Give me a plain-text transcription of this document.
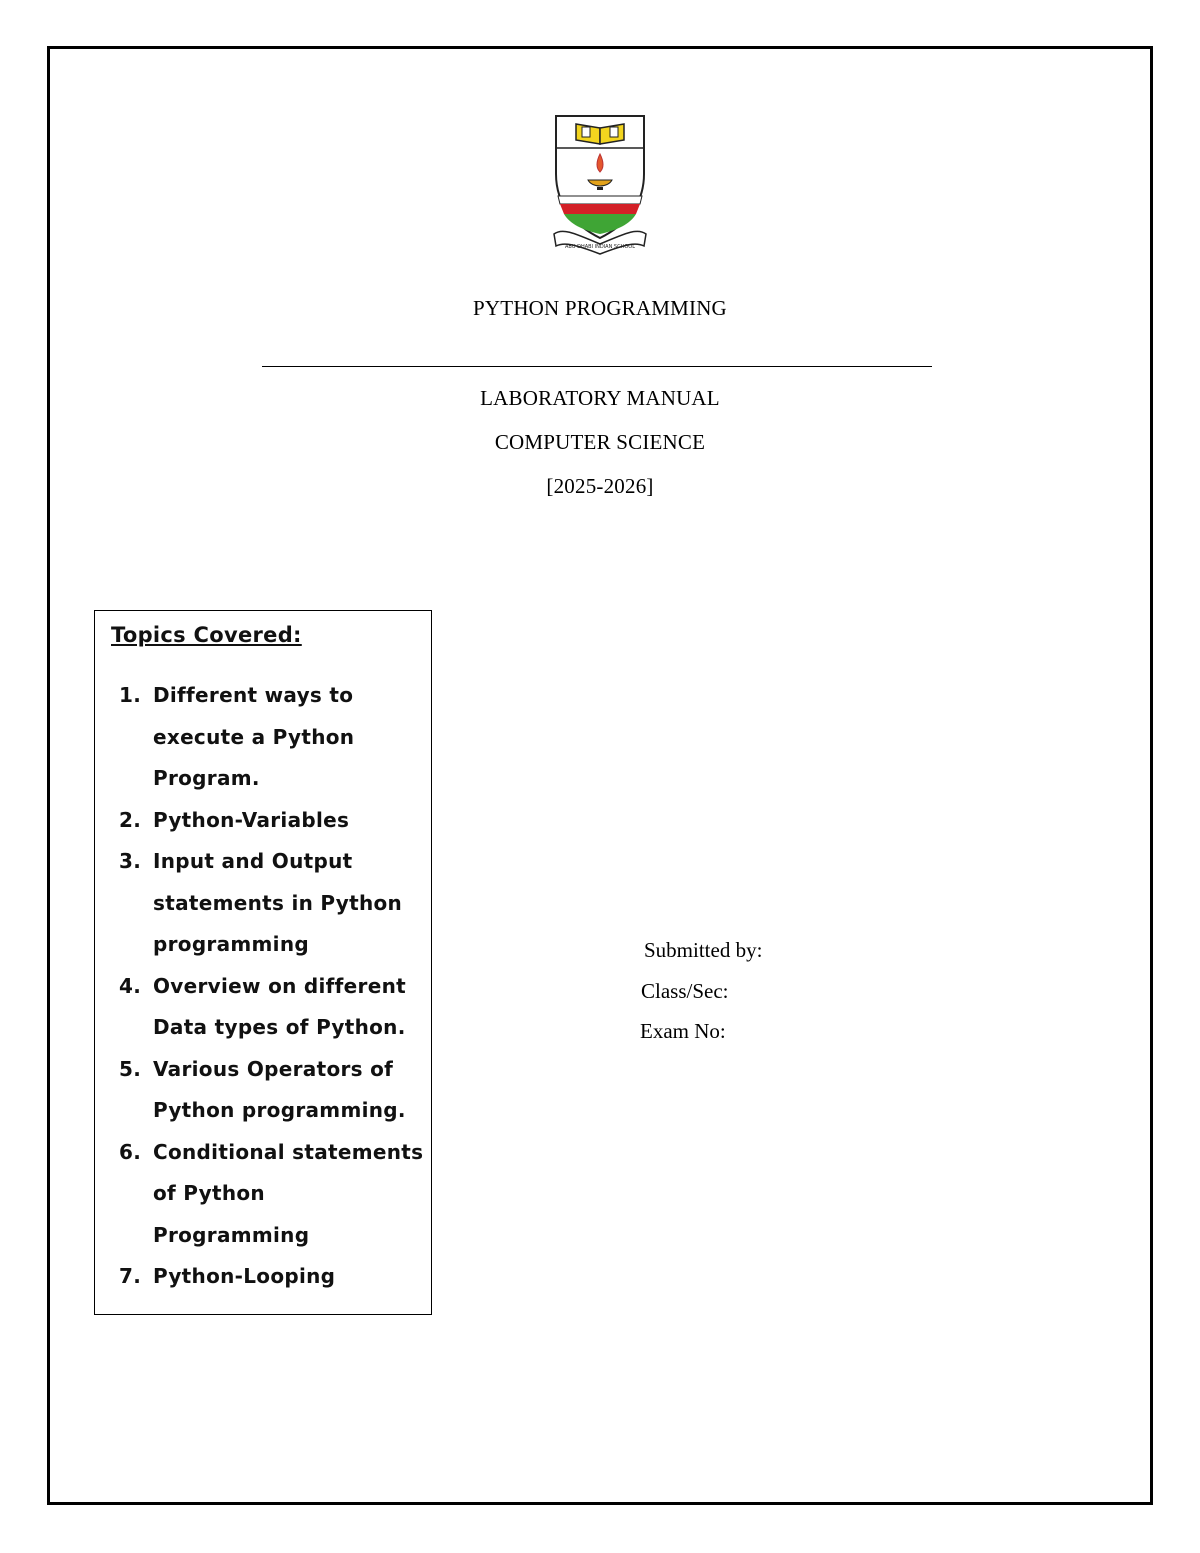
ABU DHABI INDIAN SCHOOL
PYTHON PROGRAMMING
LABORATORY MANUAL
COMPUTER SCIENCE
[2025-2026]
Topics Covered:
1. Different ways to execute a Python Program.
2. Python-Variables
3. Input and Output statements in Python programming
4. Overview on different Data types of Python.
5. Various Operators of Python programming.
6. Conditional statements of Python Programming
7. Python-Looping
Submitted by:
Class/Sec:
Exam No:
